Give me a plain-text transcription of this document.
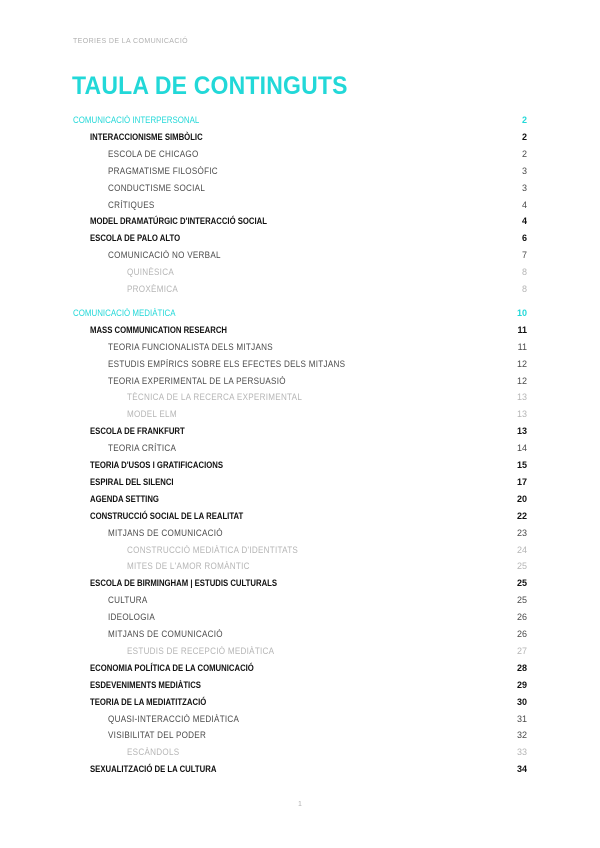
TEORIES DE LA COMUNICACIÓ
TAULA DE CONTINGUTS
COMUNICACIÓ INTERPERSONAL	2
INTERACCIONISME SIMBÒLIC	2
ESCOLA DE CHICAGO	2
PRAGMATISME FILOSÒFIC	3
CONDUCTISME SOCIAL	3
CRÍTIQUES	4
MODEL DRAMATÚRGIC D'INTERACCIÓ SOCIAL	4
ESCOLA DE PALO ALTO	6
COMUNICACIÓ NO VERBAL	7
QUINÈSICA	8
PROXÈMICA	8
COMUNICACIÓ MEDIÀTICA	10
MASS COMMUNICATION RESEARCH	11
TEORIA FUNCIONALISTA DELS MITJANS	11
ESTUDIS EMPÍRICS SOBRE ELS EFECTES DELS MITJANS	12
TEORIA EXPERIMENTAL DE LA PERSUASIÓ	12
TÈCNICA DE LA RECERCA EXPERIMENTAL	13
MODEL ELM	13
ESCOLA DE FRANKFURT	13
TEORIA CRÍTICA	14
TEORIA D'USOS I GRATIFICACIONS	15
ESPIRAL DEL SILENCI	17
AGENDA SETTING	20
CONSTRUCCIÓ SOCIAL DE LA REALITAT	22
MITJANS DE COMUNICACIÓ	23
CONSTRUCCIÓ MEDIÀTICA D'IDENTITATS	24
MITES DE L'AMOR ROMÀNTIC	25
ESCOLA DE BIRMINGHAM | ESTUDIS CULTURALS	25
CULTURA	25
IDEOLOGIA	26
MITJANS DE COMUNICACIÓ	26
ESTUDIS DE RECEPCIÓ MEDIÀTICA	27
ECONOMIA POLÍTICA DE LA COMUNICACIÓ	28
ESDEVENIMENTS MEDIÀTICS	29
TEORIA DE LA MEDIATITZACIÓ	30
QUASI-INTERACCIÓ MEDIÀTICA	31
VISIBILITAT DEL PODER	32
ESCÀNDOLS	33
SEXUALITZACIÓ DE LA CULTURA	34
1
